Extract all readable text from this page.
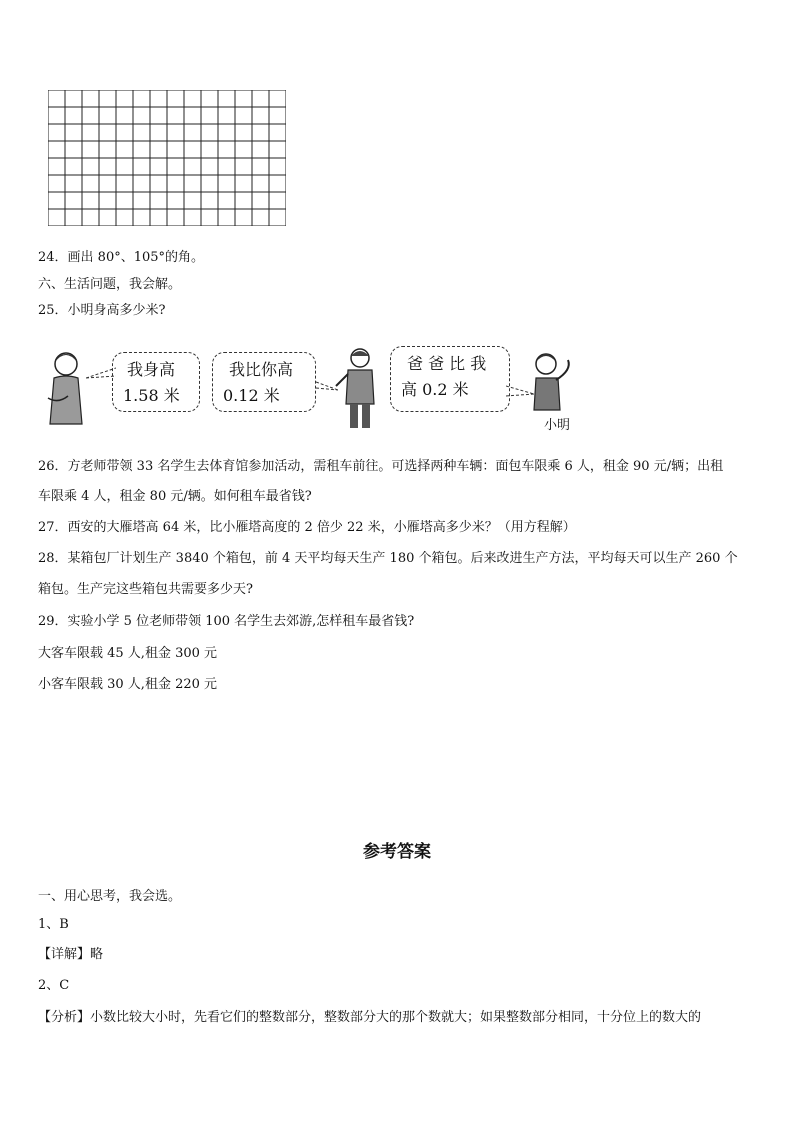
24．画出 80°、105°的角。
六、生活问题，我会解。
25．小明身高多少米?
我身高
1.58 米
我比你高
0.12 米
爸 爸 比 我
高 0.2 米
小明
26．方老师带领 33 名学生去体育馆参加活动，需租车前往。可选择两种车辆：面包车限乘 6 人，租金 90 元/辆；出租
车限乘 4 人，租金 80 元/辆。如何租车最省钱?
27．西安的大雁塔高 64 米，比小雁塔高度的 2 倍少 22 米，小雁塔高多少米？（用方程解）
28．某箱包厂计划生产 3840 个箱包，前 4 天平均每天生产 180 个箱包。后来改进生产方法，平均每天可以生产 260 个
箱包。生产完这些箱包共需要多少天?
29．实验小学 5 位老师带领 100 名学生去郊游,怎样租车最省钱?
大客车限载 45 人,租金 300 元
小客车限载 30 人,租金 220 元
参考答案
一、用心思考，我会选。
1、B
【详解】略
2、C
【分析】小数比较大小时，先看它们的整数部分，整数部分大的那个数就大；如果整数部分相同，十分位上的数大的
